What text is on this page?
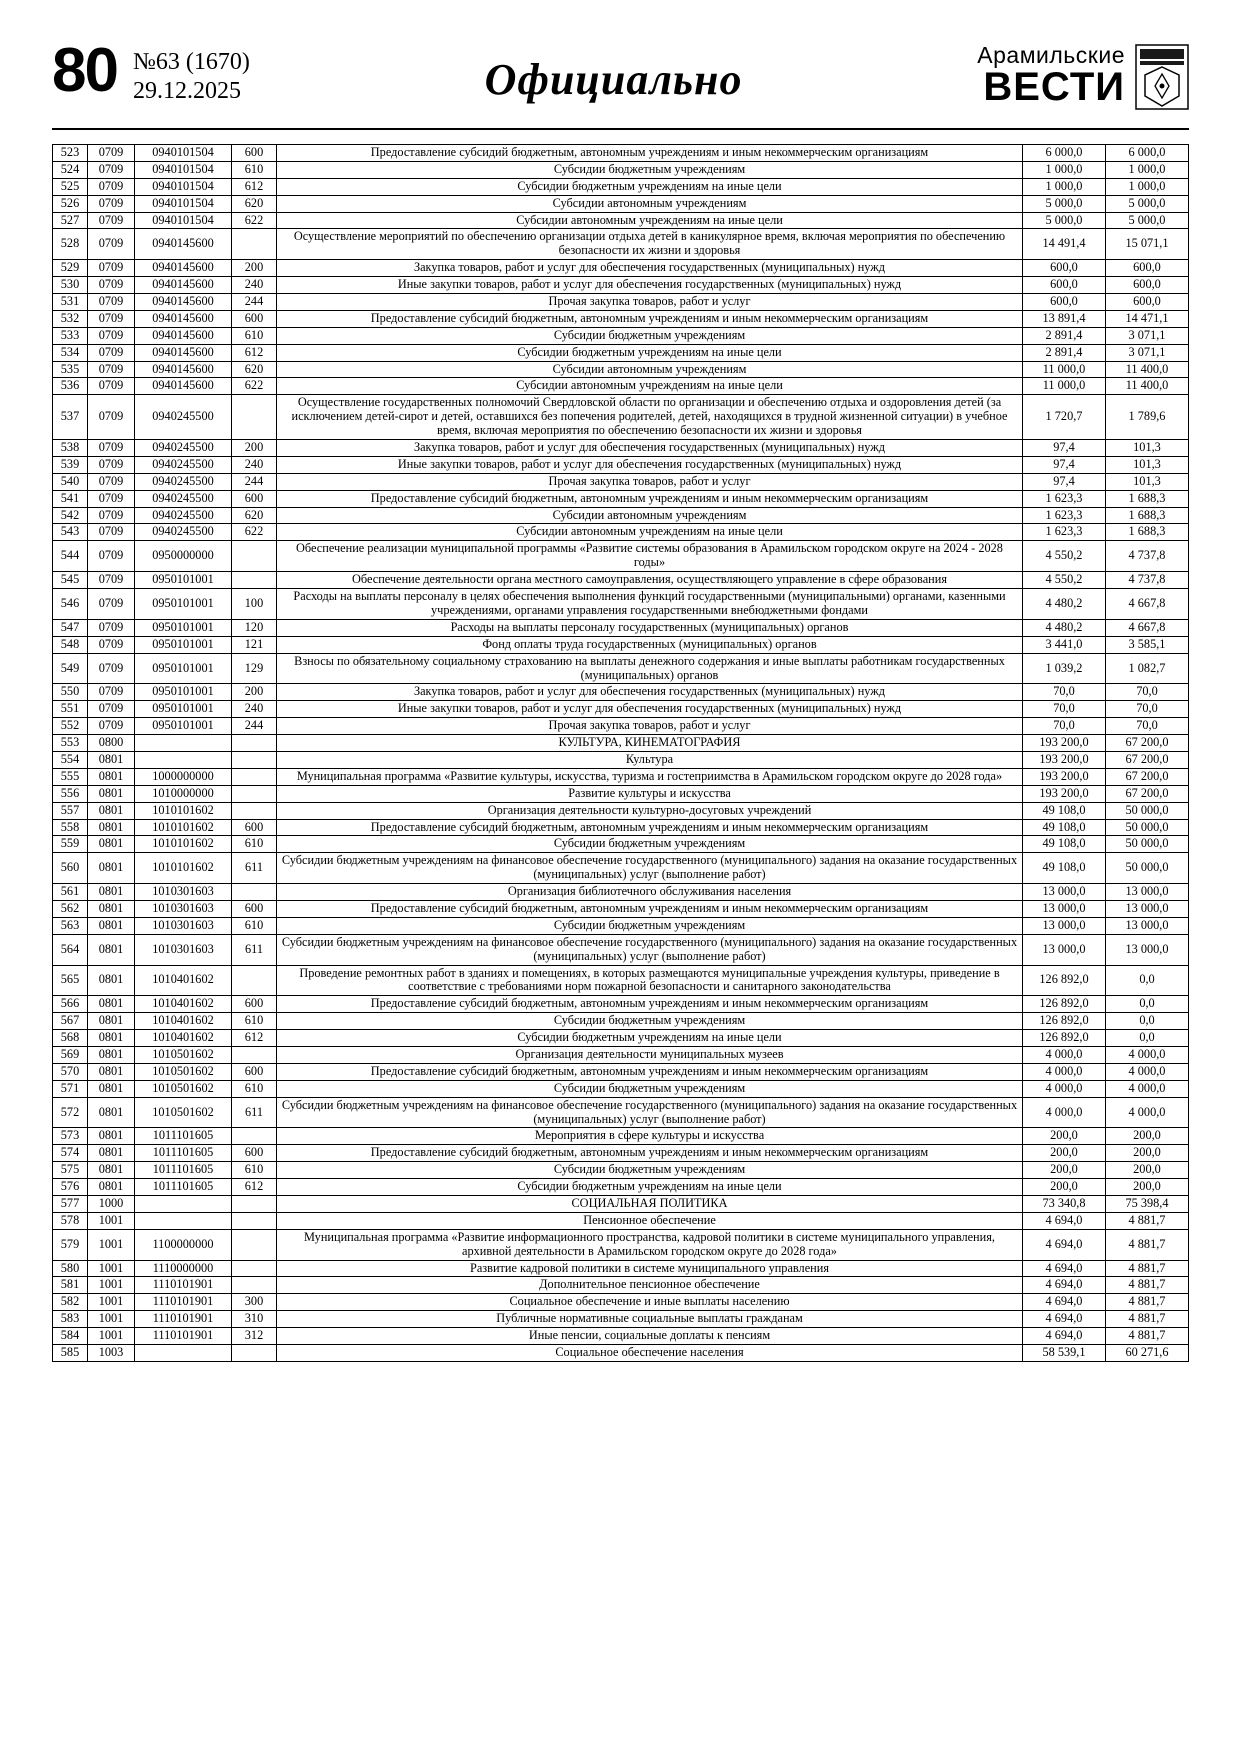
80 №63 (1670)
29.12.2025	Официально	Арамильские
ВЕСТИ
523	0709	0940101504	600	Предоставление субсидий бюджетным, автономным учреждениям и иным некоммерческим организациям	6 000,0	6 000,0
524	0709	0940101504	610	Субсидии бюджетным учреждениям	1 000,0	1 000,0
525	0709	0940101504	612	Субсидии бюджетным учреждениям на иные цели	1 000,0	1 000,0
526	0709	0940101504	620	Субсидии автономным учреждениям	5 000,0	5 000,0
527	0709	0940101504	622	Субсидии автономным учреждениям на иные цели	5 000,0	5 000,0
528	0709	0940145600		Осуществление мероприятий по обеспечению организации отдыха детей в каникулярное время, включая мероприятия по обеспечению безопасности их жизни и здоровья	14 491,4	15 071,1
529	0709	0940145600	200	Закупка товаров, работ и услуг для обеспечения государственных (муниципальных) нужд	600,0	600,0
530	0709	0940145600	240	Иные закупки товаров, работ и услуг для обеспечения государственных (муниципальных) нужд	600,0	600,0
531	0709	0940145600	244	Прочая закупка товаров, работ и услуг	600,0	600,0
532	0709	0940145600	600	Предоставление субсидий бюджетным, автономным учреждениям и иным некоммерческим организациям	13 891,4	14 471,1
533	0709	0940145600	610	Субсидии бюджетным учреждениям	2 891,4	3 071,1
534	0709	0940145600	612	Субсидии бюджетным учреждениям на иные цели	2 891,4	3 071,1
535	0709	0940145600	620	Субсидии автономным учреждениям	11 000,0	11 400,0
536	0709	0940145600	622	Субсидии автономным учреждениям на иные цели	11 000,0	11 400,0
537	0709	0940245500		Осуществление государственных полномочий Свердловской области по организации и обеспечению отдыха и оздоровления детей (за исключением детей-сирот и детей, оставшихся без попечения родителей, детей, находящихся в трудной жизненной ситуации) в учебное время, включая мероприятия по обеспечению безопасности их жизни и здоровья	1 720,7	1 789,6
538	0709	0940245500	200	Закупка товаров, работ и услуг для обеспечения государственных (муниципальных) нужд	97,4	101,3
539	0709	0940245500	240	Иные закупки товаров, работ и услуг для обеспечения государственных (муниципальных) нужд	97,4	101,3
540	0709	0940245500	244	Прочая закупка товаров, работ и услуг	97,4	101,3
541	0709	0940245500	600	Предоставление субсидий бюджетным, автономным учреждениям и иным некоммерческим организациям	1 623,3	1 688,3
542	0709	0940245500	620	Субсидии автономным учреждениям	1 623,3	1 688,3
543	0709	0940245500	622	Субсидии автономным учреждениям на иные цели	1 623,3	1 688,3
544	0709	0950000000		Обеспечение реализации муниципальной программы «Развитие системы образования в Арамильском городском округе на 2024 - 2028 годы»	4 550,2	4 737,8
545	0709	0950101001		Обеспечение деятельности органа местного самоуправления, осуществляющего управление в сфере образования	4 550,2	4 737,8
546	0709	0950101001	100	Расходы на выплаты персоналу в целях обеспечения выполнения функций государственными (муниципальными) органами, казенными учреждениями, органами управления государственными внебюджетными фондами	4 480,2	4 667,8
547	0709	0950101001	120	Расходы на выплаты персоналу государственных (муниципальных) органов	4 480,2	4 667,8
548	0709	0950101001	121	Фонд оплаты труда государственных (муниципальных) органов	3 441,0	3 585,1
549	0709	0950101001	129	Взносы по обязательному социальному страхованию на выплаты денежного содержания и иные выплаты работникам государственных (муниципальных) органов	1 039,2	1 082,7
550	0709	0950101001	200	Закупка товаров, работ и услуг для обеспечения государственных (муниципальных) нужд	70,0	70,0
551	0709	0950101001	240	Иные закупки товаров, работ и услуг для обеспечения государственных (муниципальных) нужд	70,0	70,0
552	0709	0950101001	244	Прочая закупка товаров, работ и услуг	70,0	70,0
553	0800			КУЛЬТУРА, КИНЕМАТОГРАФИЯ	193 200,0	67 200,0
554	0801			Культура	193 200,0	67 200,0
555	0801	1000000000		Муниципальная программа «Развитие культуры, искусства, туризма и гостеприимства в Арамильском городском округе до 2028 года»	193 200,0	67 200,0
556	0801	1010000000		Развитие культуры и искусства	193 200,0	67 200,0
557	0801	1010101602		Организация деятельности культурно-досуговых учреждений	49 108,0	50 000,0
558	0801	1010101602	600	Предоставление субсидий бюджетным, автономным учреждениям и иным некоммерческим организациям	49 108,0	50 000,0
559	0801	1010101602	610	Субсидии бюджетным учреждениям	49 108,0	50 000,0
560	0801	1010101602	611	Субсидии бюджетным учреждениям на финансовое обеспечение государственного (муниципального) задания на оказание государственных (муниципальных) услуг (выполнение работ)	49 108,0	50 000,0
561	0801	1010301603		Организация библиотечного обслуживания населения	13 000,0	13 000,0
562	0801	1010301603	600	Предоставление субсидий бюджетным, автономным учреждениям и иным некоммерческим организациям	13 000,0	13 000,0
563	0801	1010301603	610	Субсидии бюджетным учреждениям	13 000,0	13 000,0
564	0801	1010301603	611	Субсидии бюджетным учреждениям на финансовое обеспечение государственного (муниципального) задания на оказание государственных (муниципальных) услуг (выполнение работ)	13 000,0	13 000,0
565	0801	1010401602		Проведение ремонтных работ в зданиях и помещениях, в которых размещаются муниципальные учреждения культуры, приведение в соответствие с требованиями норм пожарной безопасности и санитарного законодательства	126 892,0	0,0
566	0801	1010401602	600	Предоставление субсидий бюджетным, автономным учреждениям и иным некоммерческим организациям	126 892,0	0,0
567	0801	1010401602	610	Субсидии бюджетным учреждениям	126 892,0	0,0
568	0801	1010401602	612	Субсидии бюджетным учреждениям на иные цели	126 892,0	0,0
569	0801	1010501602		Организация деятельности муниципальных музеев	4 000,0	4 000,0
570	0801	1010501602	600	Предоставление субсидий бюджетным, автономным учреждениям и иным некоммерческим организациям	4 000,0	4 000,0
571	0801	1010501602	610	Субсидии бюджетным учреждениям	4 000,0	4 000,0
572	0801	1010501602	611	Субсидии бюджетным учреждениям на финансовое обеспечение государственного (муниципального) задания на оказание государственных (муниципальных) услуг (выполнение работ)	4 000,0	4 000,0
573	0801	1011101605		Мероприятия в сфере культуры и искусства	200,0	200,0
574	0801	1011101605	600	Предоставление субсидий бюджетным, автономным учреждениям и иным некоммерческим организациям	200,0	200,0
575	0801	1011101605	610	Субсидии бюджетным учреждениям	200,0	200,0
576	0801	1011101605	612	Субсидии бюджетным учреждениям на иные цели	200,0	200,0
577	1000			СОЦИАЛЬНАЯ ПОЛИТИКА	73 340,8	75 398,4
578	1001			Пенсионное обеспечение	4 694,0	4 881,7
579	1001	1100000000		Муниципальная программа «Развитие информационного пространства, кадровой политики в системе муниципального управления, архивной деятельности в Арамильском городском округе до 2028 года»	4 694,0	4 881,7
580	1001	1110000000		Развитие кадровой политики в системе муниципального управления	4 694,0	4 881,7
581	1001	1110101901		Дополнительное пенсионное обеспечение	4 694,0	4 881,7
582	1001	1110101901	300	Социальное обеспечение и иные выплаты населению	4 694,0	4 881,7
583	1001	1110101901	310	Публичные нормативные социальные выплаты гражданам	4 694,0	4 881,7
584	1001	1110101901	312	Иные пенсии, социальные доплаты к пенсиям	4 694,0	4 881,7
585	1003			Социальное обеспечение населения	58 539,1	60 271,6
